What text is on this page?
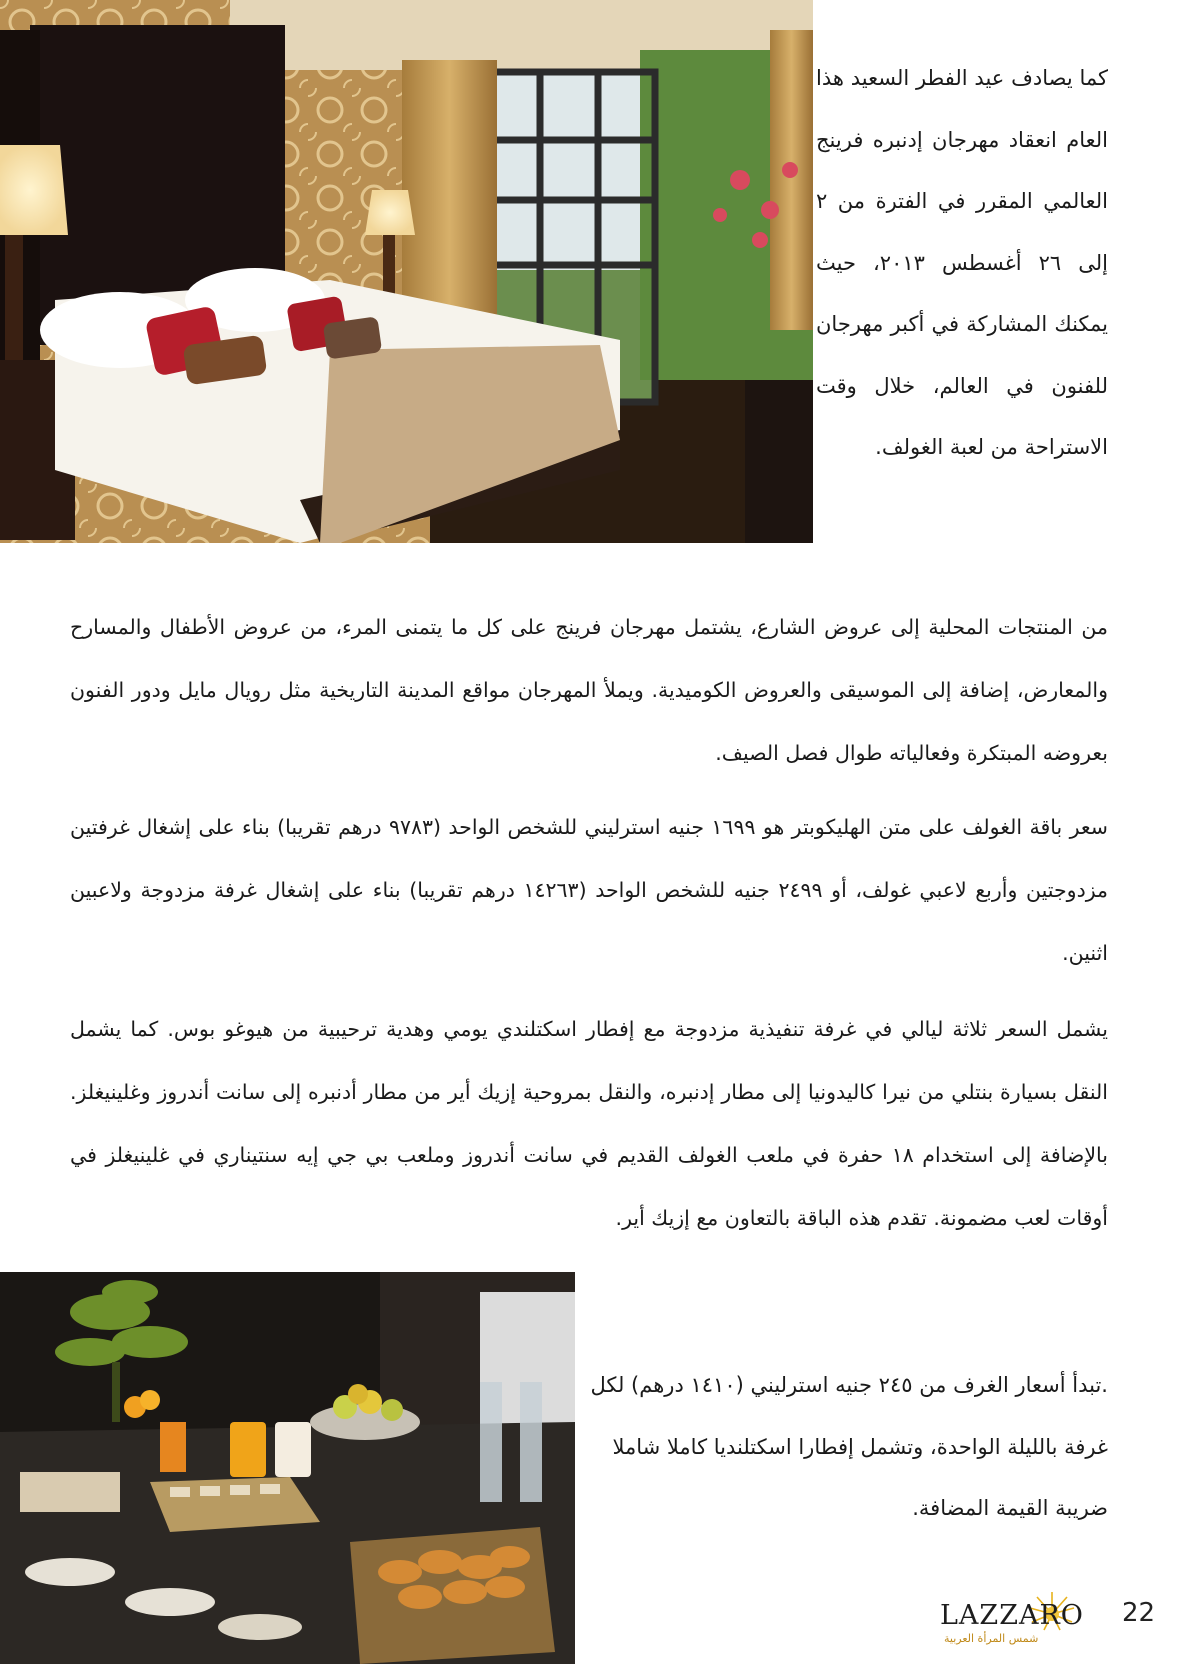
كما يصادف عيد الفطر السعيد هذا العام انعقاد مهرجان إدنبره فرينج العالمي المقرر في الفترة من ٢ إلى ٢٦ أغسطس ٢٠١٣، حيث يمكنك المشاركة في أكبر مهرجان للفنون في العالم، خلال وقت الاستراحة من لعبة الغولف.
من المنتجات المحلية إلى عروض الشارع، يشتمل مهرجان فرينج على كل ما يتمنى المرء، من عروض الأطفال والمسارح والمعارض، إضافة إلى الموسيقى والعروض الكوميدية. ويملأ المهرجان مواقع المدينة التاريخية مثل رويال مايل ودور الفنون بعروضه المبتكرة وفعالياته طوال فصل الصيف.
سعر باقة الغولف على متن الهليكوبتر هو ١٦٩٩ جنيه استرليني للشخص الواحد (٩٧٨٣ درهم تقريبا) بناء على إشغال غرفتين مزدوجتين وأربع لاعبي غولف، أو ٢٤٩٩ جنيه للشخص الواحد (١٤٢٦٣ درهم تقريبا) بناء على إشغال غرفة مزدوجة ولاعبين اثنين.
يشمل السعر ثلاثة ليالي في غرفة تنفيذية مزدوجة مع إفطار اسكتلندي يومي وهدية ترحيبية من هيوغو بوس. كما يشمل النقل بسيارة بنتلي من نيرا كاليدونيا إلى مطار إدنبره، والنقل بمروحية إزيك أير من مطار أدنبره إلى سانت أندروز وغلينيغلز. بالإضافة إلى استخدام ١٨ حفرة في ملعب الغولف القديم في سانت أندروز وملعب بي جي إيه سنتيناري في غلينيغلز في أوقات لعب مضمونة. تقدم هذه الباقة بالتعاون مع إزيك أير.
.تبدأ أسعار الغرف من ٢٤٥ جنيه استرليني (١٤١٠ درهم) لكل غرفة بالليلة الواحدة، وتشمل إفطارا اسكتلنديا كاملا شاملا ضريبة القيمة المضافة.
LAZZARO
شمس المرأة العربية
22
